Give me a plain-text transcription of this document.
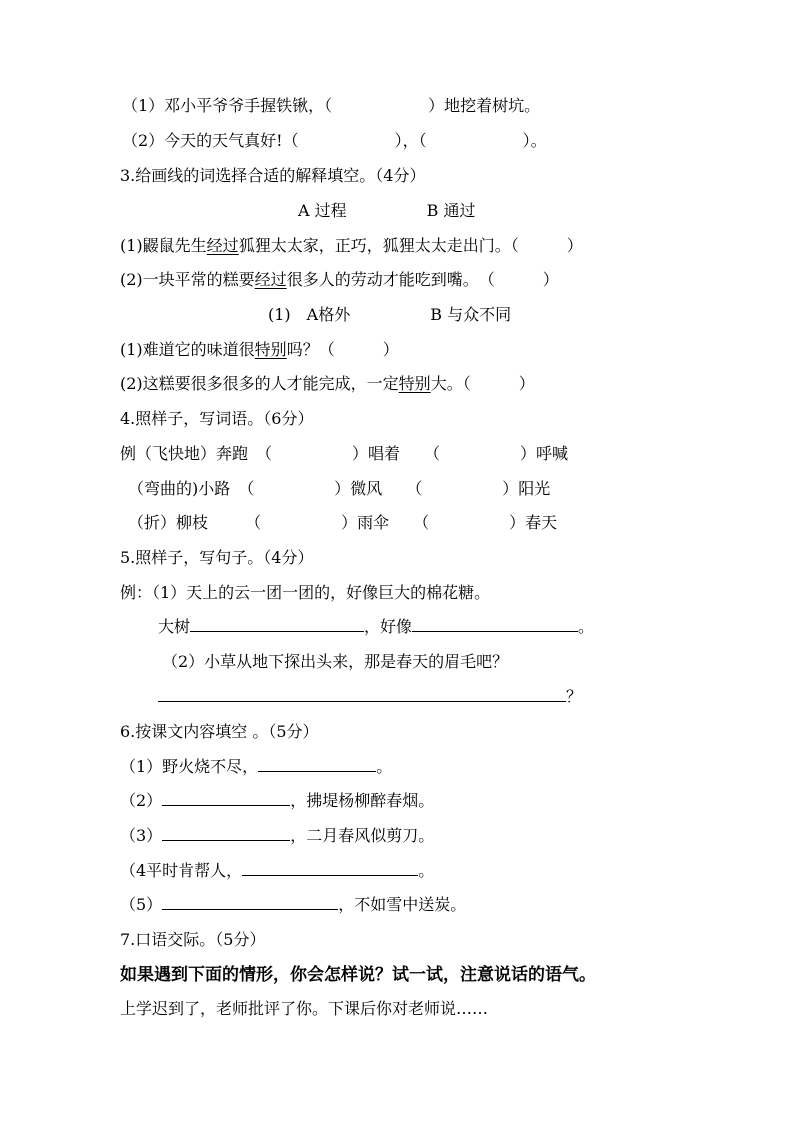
（1）邓小平爷爷手握铁锹，（　　　　　　）地挖着树坑。
（2）今天的天气真好!（　　　　　　），（　　　　　　）。
3.给画线的词选择合适的解释填空。（4分）
A 过程　　　　　B 通过
(1)鼹鼠先生经过狐狸太太家，正巧，狐狸太太走出门。（　　　）
(2)一块平常的糕要经过很多人的劳动才能吃到嘴。　（　　　）
(1)　A格外　　　　　B 与众不同
(1)难道它的味道很特别吗？（　　　）
(2)这糕要很多很多的人才能完成，一定特别大。（　　　）
4.照样子，写词语。（6分）
例（飞快地）奔跑　（　　　　　）唱着　　（　　　　　）呼喊
　（弯曲的)小路　（　　　　　）微风　　（　　　　　）阳光
　（折）柳枝　　 （　　　　　）雨伞　　（　　　　　）春天
5.照样子，写句子。（4分）
例：（1）天上的云一团一团的，好像巨大的棉花糖。
大树	，好像	。
（2）小草从地下探出头来，那是春天的眉毛吧？
？
6.按课文内容填空 。（5分）
（1）野火烧不尽，	。
（2）	，拂堤杨柳醉春烟。
（3）	，二月春风似剪刀。
（4平时肯帮人，	。
（5）	，不如雪中送炭。
7.口语交际。（5分）
如果遇到下面的情形，你会怎样说？试一试，注意说话的语气。
上学迟到了，老师批评了你。下课后你对老师说……
